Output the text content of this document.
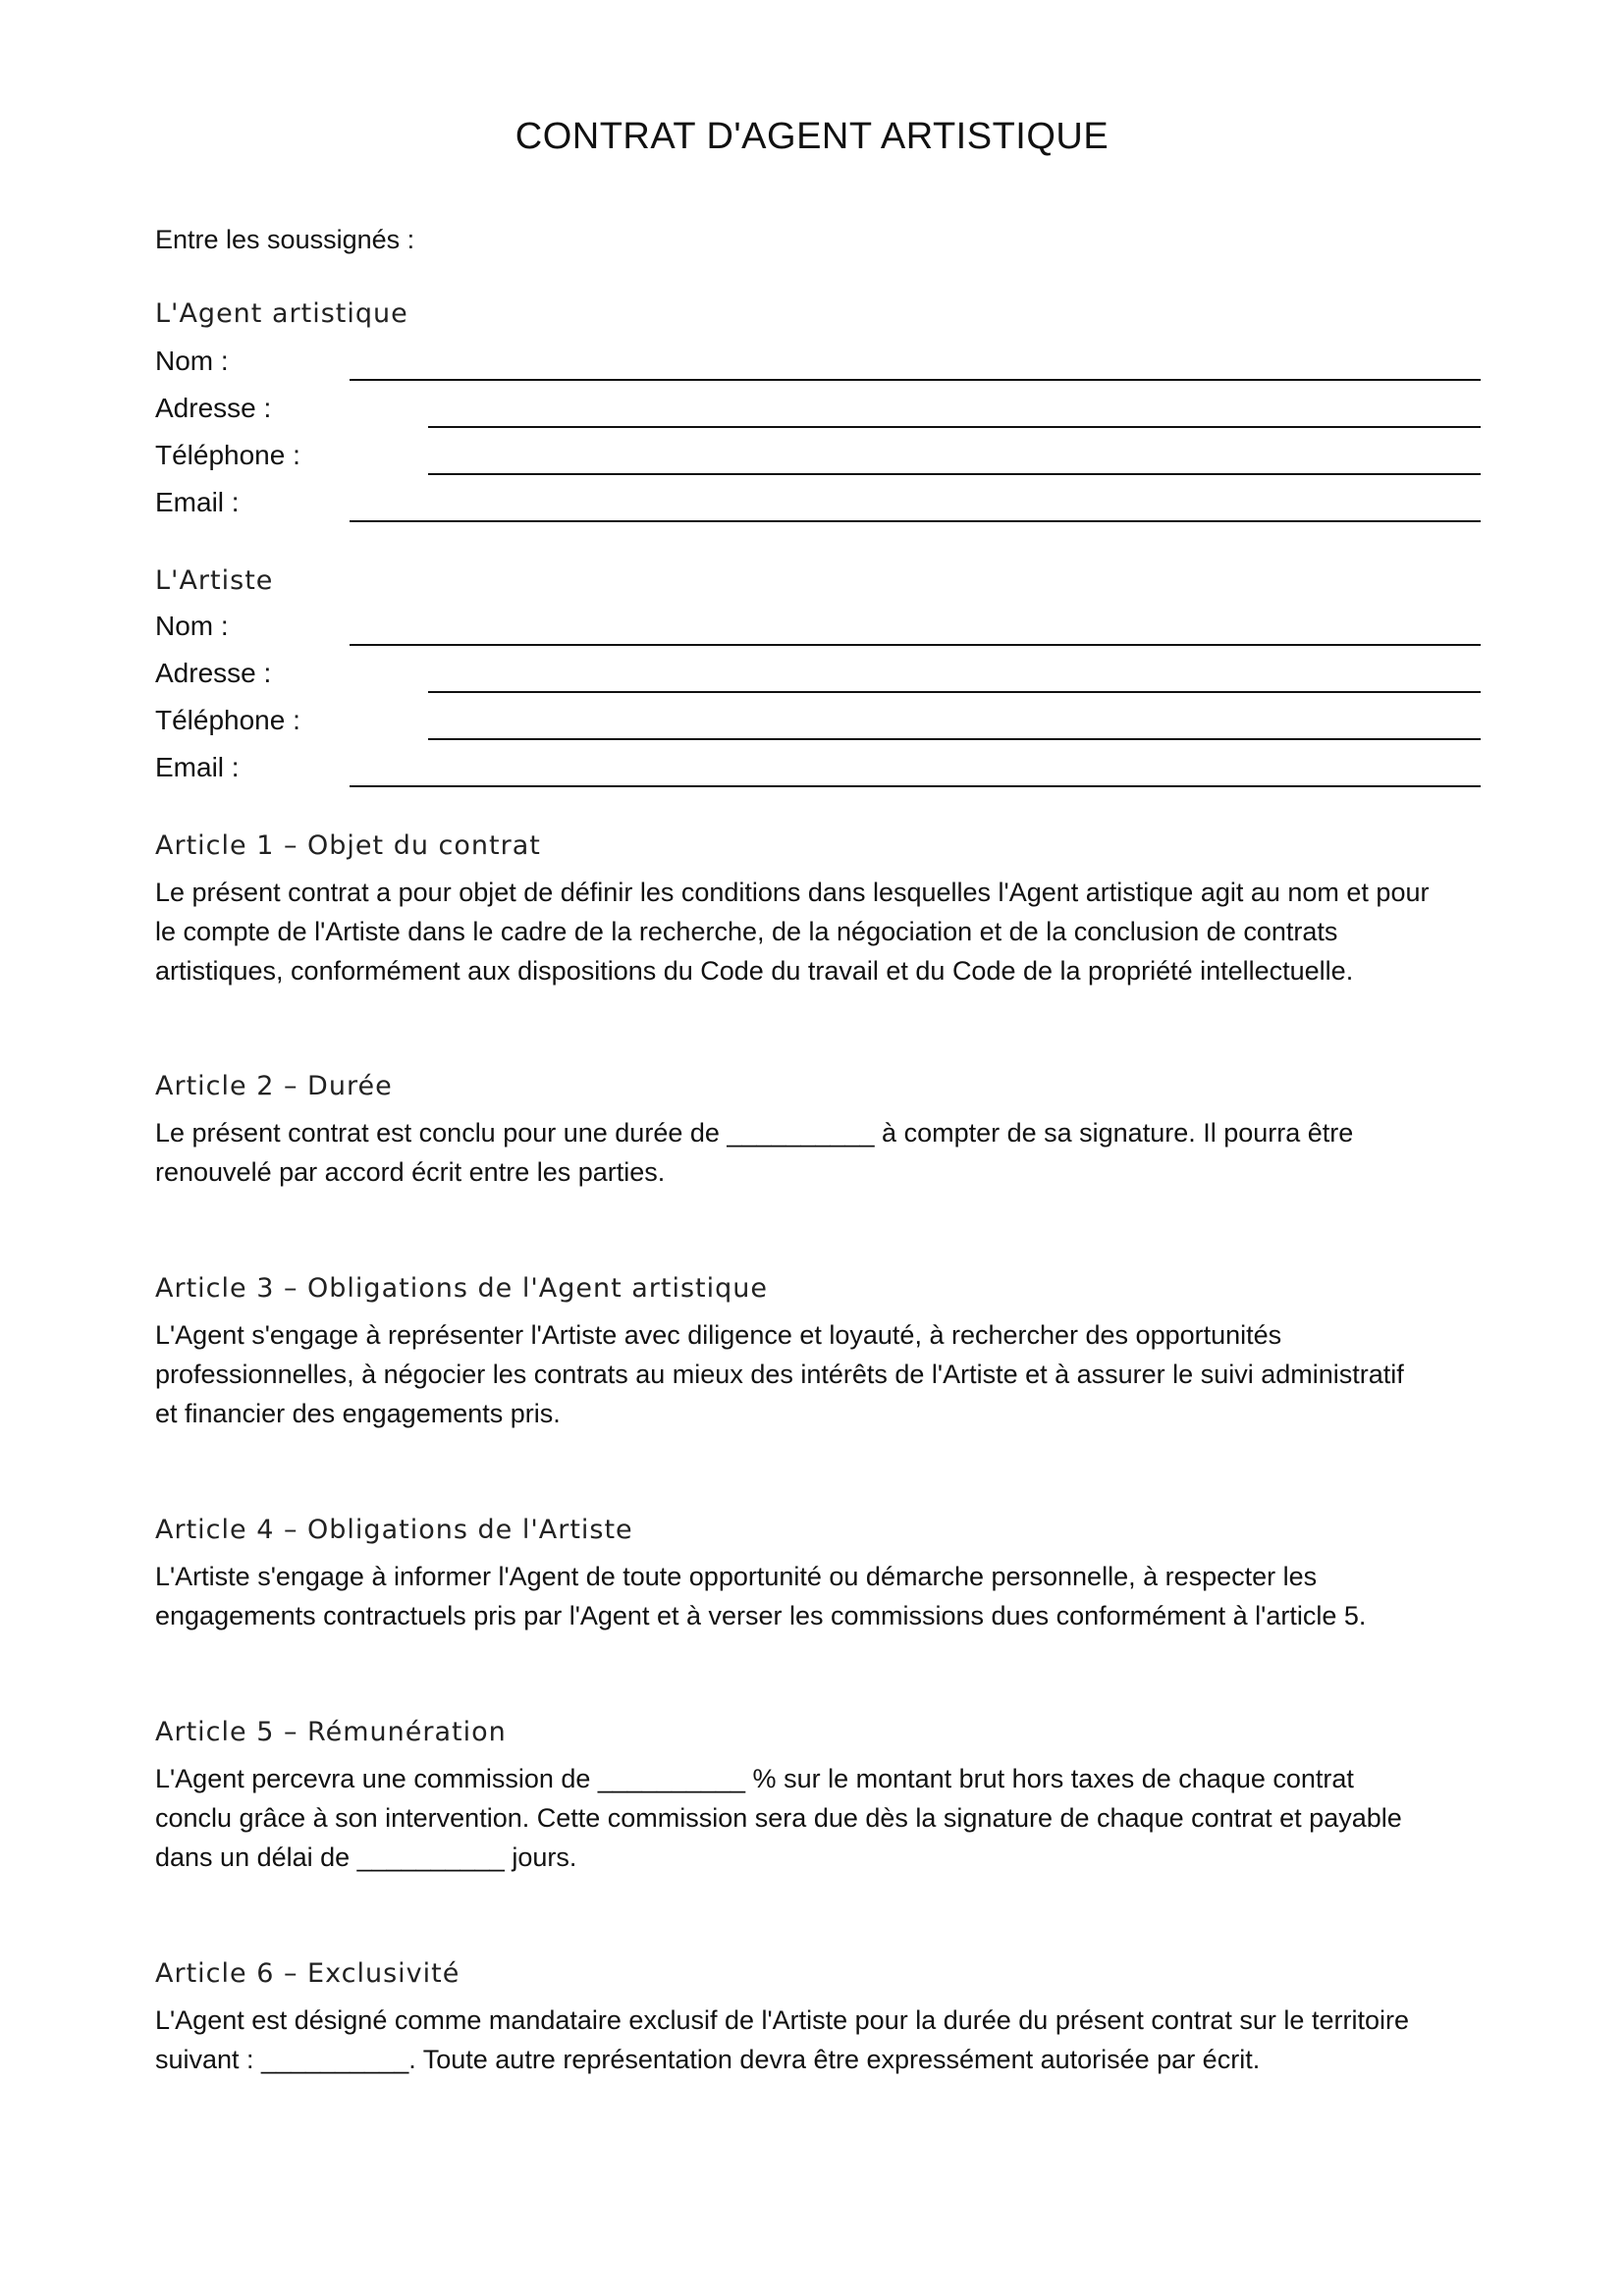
CONTRAT D'AGENT ARTISTIQUE
Entre les soussignés :
L'Agent artistique
Nom :
Adresse :
Téléphone :
Email :
L'Artiste
Nom :
Adresse :
Téléphone :
Email :
Article 1 – Objet du contrat
Le présent contrat a pour objet de définir les conditions dans lesquelles l'Agent artistique agit au nom et pour
le compte de l'Artiste dans le cadre de la recherche, de la négociation et de la conclusion de contrats
artistiques, conformément aux dispositions du Code du travail et du Code de la propriété intellectuelle.
Article 2 – Durée
Le présent contrat est conclu pour une durée de __________ à compter de sa signature. Il pourra être
renouvelé par accord écrit entre les parties.
Article 3 – Obligations de l'Agent artistique
L'Agent s'engage à représenter l'Artiste avec diligence et loyauté, à rechercher des opportunités
professionnelles, à négocier les contrats au mieux des intérêts de l'Artiste et à assurer le suivi administratif
et financier des engagements pris.
Article 4 – Obligations de l'Artiste
L'Artiste s'engage à informer l'Agent de toute opportunité ou démarche personnelle, à respecter les
engagements contractuels pris par l'Agent et à verser les commissions dues conformément à l'article 5.
Article 5 – Rémunération
L'Agent percevra une commission de __________ % sur le montant brut hors taxes de chaque contrat
conclu grâce à son intervention. Cette commission sera due dès la signature de chaque contrat et payable
dans un délai de __________ jours.
Article 6 – Exclusivité
L'Agent est désigné comme mandataire exclusif de l'Artiste pour la durée du présent contrat sur le territoire
suivant : __________. Toute autre représentation devra être expressément autorisée par écrit.
